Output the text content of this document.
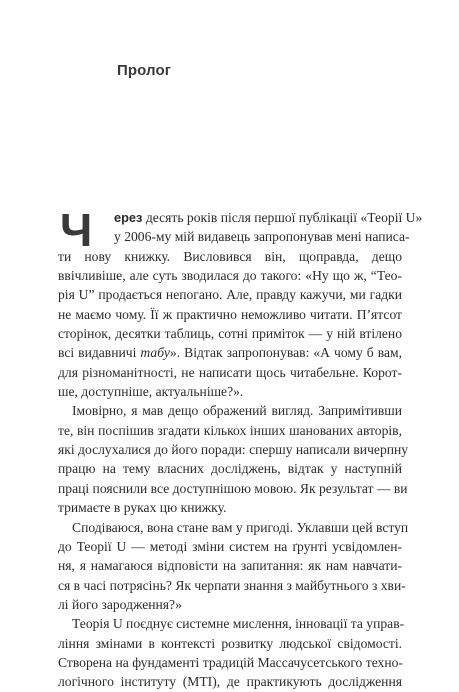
Пролог
Ч	ерез десять років після першої публікації «Теорії U»
у 2006-му мій видавець запропонував мені написа-
ти нову книжку. Висловився він, щоправда, дещо
ввічливіше, але суть зводилася до такого: «Ну що ж, “Тео-
рія U” продається непогано. Але, правду кажучи, ми гадки
не маємо чому. Її ж практично неможливо читати. П’ятсот
сторінок, десятки таблиць, сотні приміток — у ній втілено
всі видавничі табу». Відтак запропонував: «А чому б вам,
для різноманітності, не написати щось читабельне. Корот-
ше, доступніше, актуальніше?».
Імовірно, я мав дещо ображений вигляд. Запримітивши
те, він поспішив згадати кількох інших шанованих авторів,
які дослухалися до його поради: спершу написали вичерпну
працю на тему власних досліджень, відтак у наступній
праці пояснили все доступнішою мовою. Як результат — ви
тримаєте в руках цю книжку.
Сподіваюся, вона стане вам у пригоді. Уклавши цей вступ
до Теорії U — методі зміни систем на ґрунті усвідомлен-
ня, я намагаюся відповісти на запитання: як нам навчати-
ся в часі потрясінь? Як черпати знання з майбутнього з хви-
лі його зародження?»
Теорія U поєднує системне мислення, інновації та управ-
ління змінами в контексті розвитку людської свідомості.
Створена на фундаменті традицій Массачусетського техно-
логічного інституту (МТІ), де практикують дослідження
